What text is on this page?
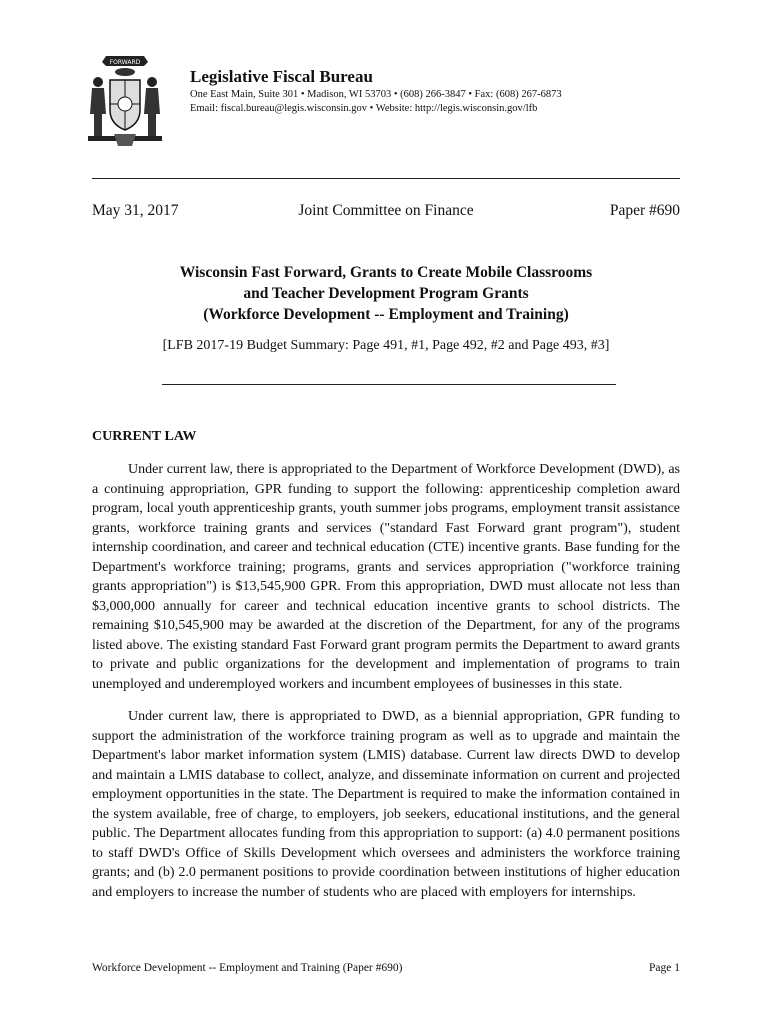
FORWARD
Legislative Fiscal Bureau
One East Main, Suite 301 • Madison, WI 53703 • (608) 266-3847 • Fax: (608) 267-6873
Email: fiscal.bureau@legis.wisconsin.gov • Website: http://legis.wisconsin.gov/lfb
May 31, 2017	Joint Committee on Finance	Paper #690
Wisconsin Fast Forward, Grants to Create Mobile Classrooms
and Teacher Development Program Grants
(Workforce Development -- Employment and Training)
[LFB 2017-19 Budget Summary: Page 491, #1, Page 492, #2 and Page 493, #3]
CURRENT LAW

Under current law, there is appropriated to the Department of Workforce Development (DWD), as a continuing appropriation, GPR funding to support the following: apprenticeship completion award program, local youth apprenticeship grants, youth summer jobs programs, employment transit assistance grants, workforce training grants and services ("standard Fast Forward grant program"), student internship coordination, and career and technical education (CTE) incentive grants. Base funding for the Department's workforce training; programs, grants and services appropriation ("workforce training grants appropriation") is $13,545,900 GPR. From this appropriation, DWD must allocate not less than $3,000,000 annually for career and technical education incentive grants to school districts. The remaining $10,545,900 may be awarded at the discretion of the Department, for any of the programs listed above. The existing standard Fast Forward grant program permits the Department to award grants to private and public organizations for the development and implementation of programs to train unemployed and underemployed workers and incumbent employees of businesses in this state.

Under current law, there is appropriated to DWD, as a biennial appropriation, GPR funding to support the administration of the workforce training program as well as to upgrade and maintain the Department's labor market information system (LMIS) database. Current law directs DWD to develop and maintain a LMIS database to collect, analyze, and disseminate information on current and projected employment opportunities in the state. The Department is required to make the information contained in the system available, free of charge, to employers, job seekers, educational institutions, and the general public. The Department allocates funding from this appropriation to support: (a) 4.0 permanent positions to staff DWD's Office of Skills Development which oversees and administers the workforce training grants; and (b) 2.0 permanent positions to provide coordination between institutions of higher education and employers to increase the number of students who are placed with employers for internships.

Workforce Development -- Employment and Training (Paper #690)	Page 1
